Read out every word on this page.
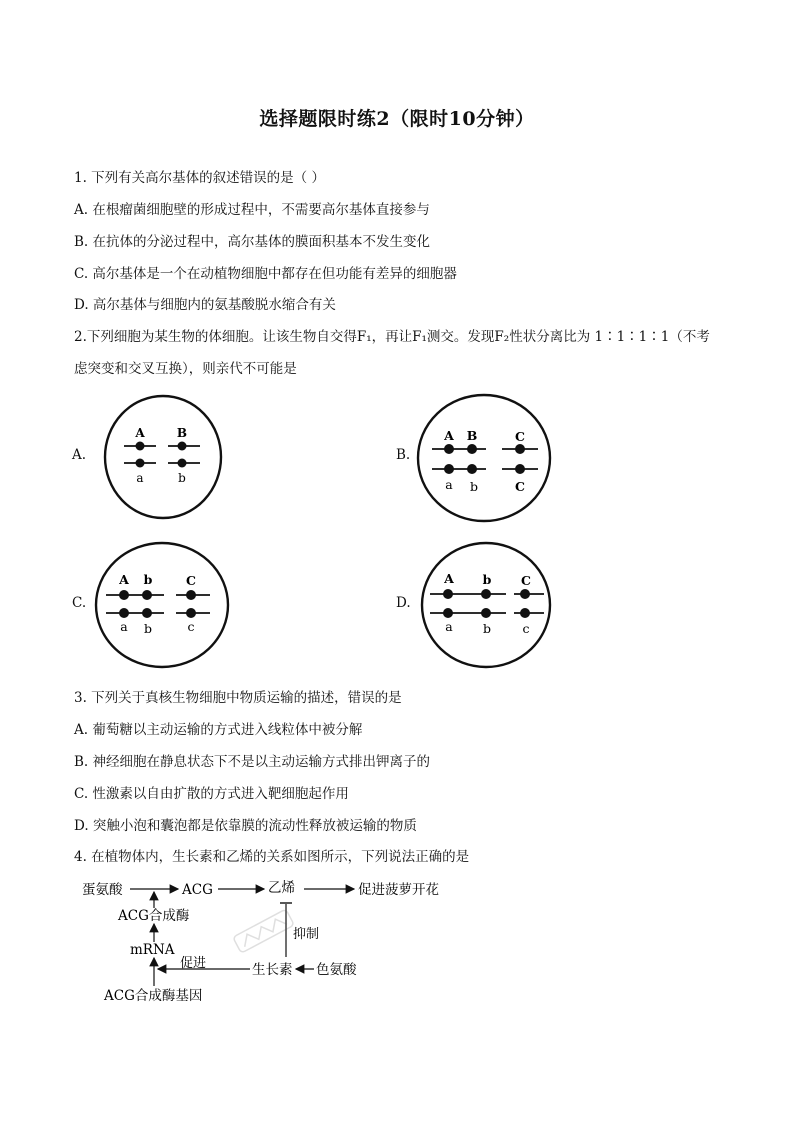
选择题限时练2（限时10分钟）
1. 下列有关高尔基体的叙述错误的是（ ）
A. 在根瘤菌细胞壁的形成过程中，不需要高尔基体直接参与
B. 在抗体的分泌过程中，高尔基体的膜面积基本不发生变化
C. 高尔基体是一个在动植物细胞中都存在但功能有差异的细胞器
D. 高尔基体与细胞内的氨基酸脱水缩合有关
2.下列细胞为某生物的体细胞。让该生物自交得F₁，再让F₁测交。发现F₂性状分离比为 1∶1∶1∶1（不考
虑突变和交叉互换），则亲代不可能是
A.
A	B
a	b
B.
A B	C
a b	C
C.
A b	C
a b	c
D.
A b C
a b	c
3. 下列关于真核生物细胞中物质运输的描述，错误的是
A. 葡萄糖以主动运输的方式进入线粒体中被分解
B. 神经细胞在静息状态下不是以主动运输方式排出钾离子的
C. 性激素以自由扩散的方式进入靶细胞起作用
D. 突触小泡和囊泡都是依靠膜的流动性释放被运输的物质
4. 在植物体内，生长素和乙烯的关系如图所示，下列说法正确的是
蛋氨酸	ACG	乙烯	促进菠萝开花
ACG合成酶
mRNA
ACG合成酶基因
生长素 色氨酸
促进
抑制
